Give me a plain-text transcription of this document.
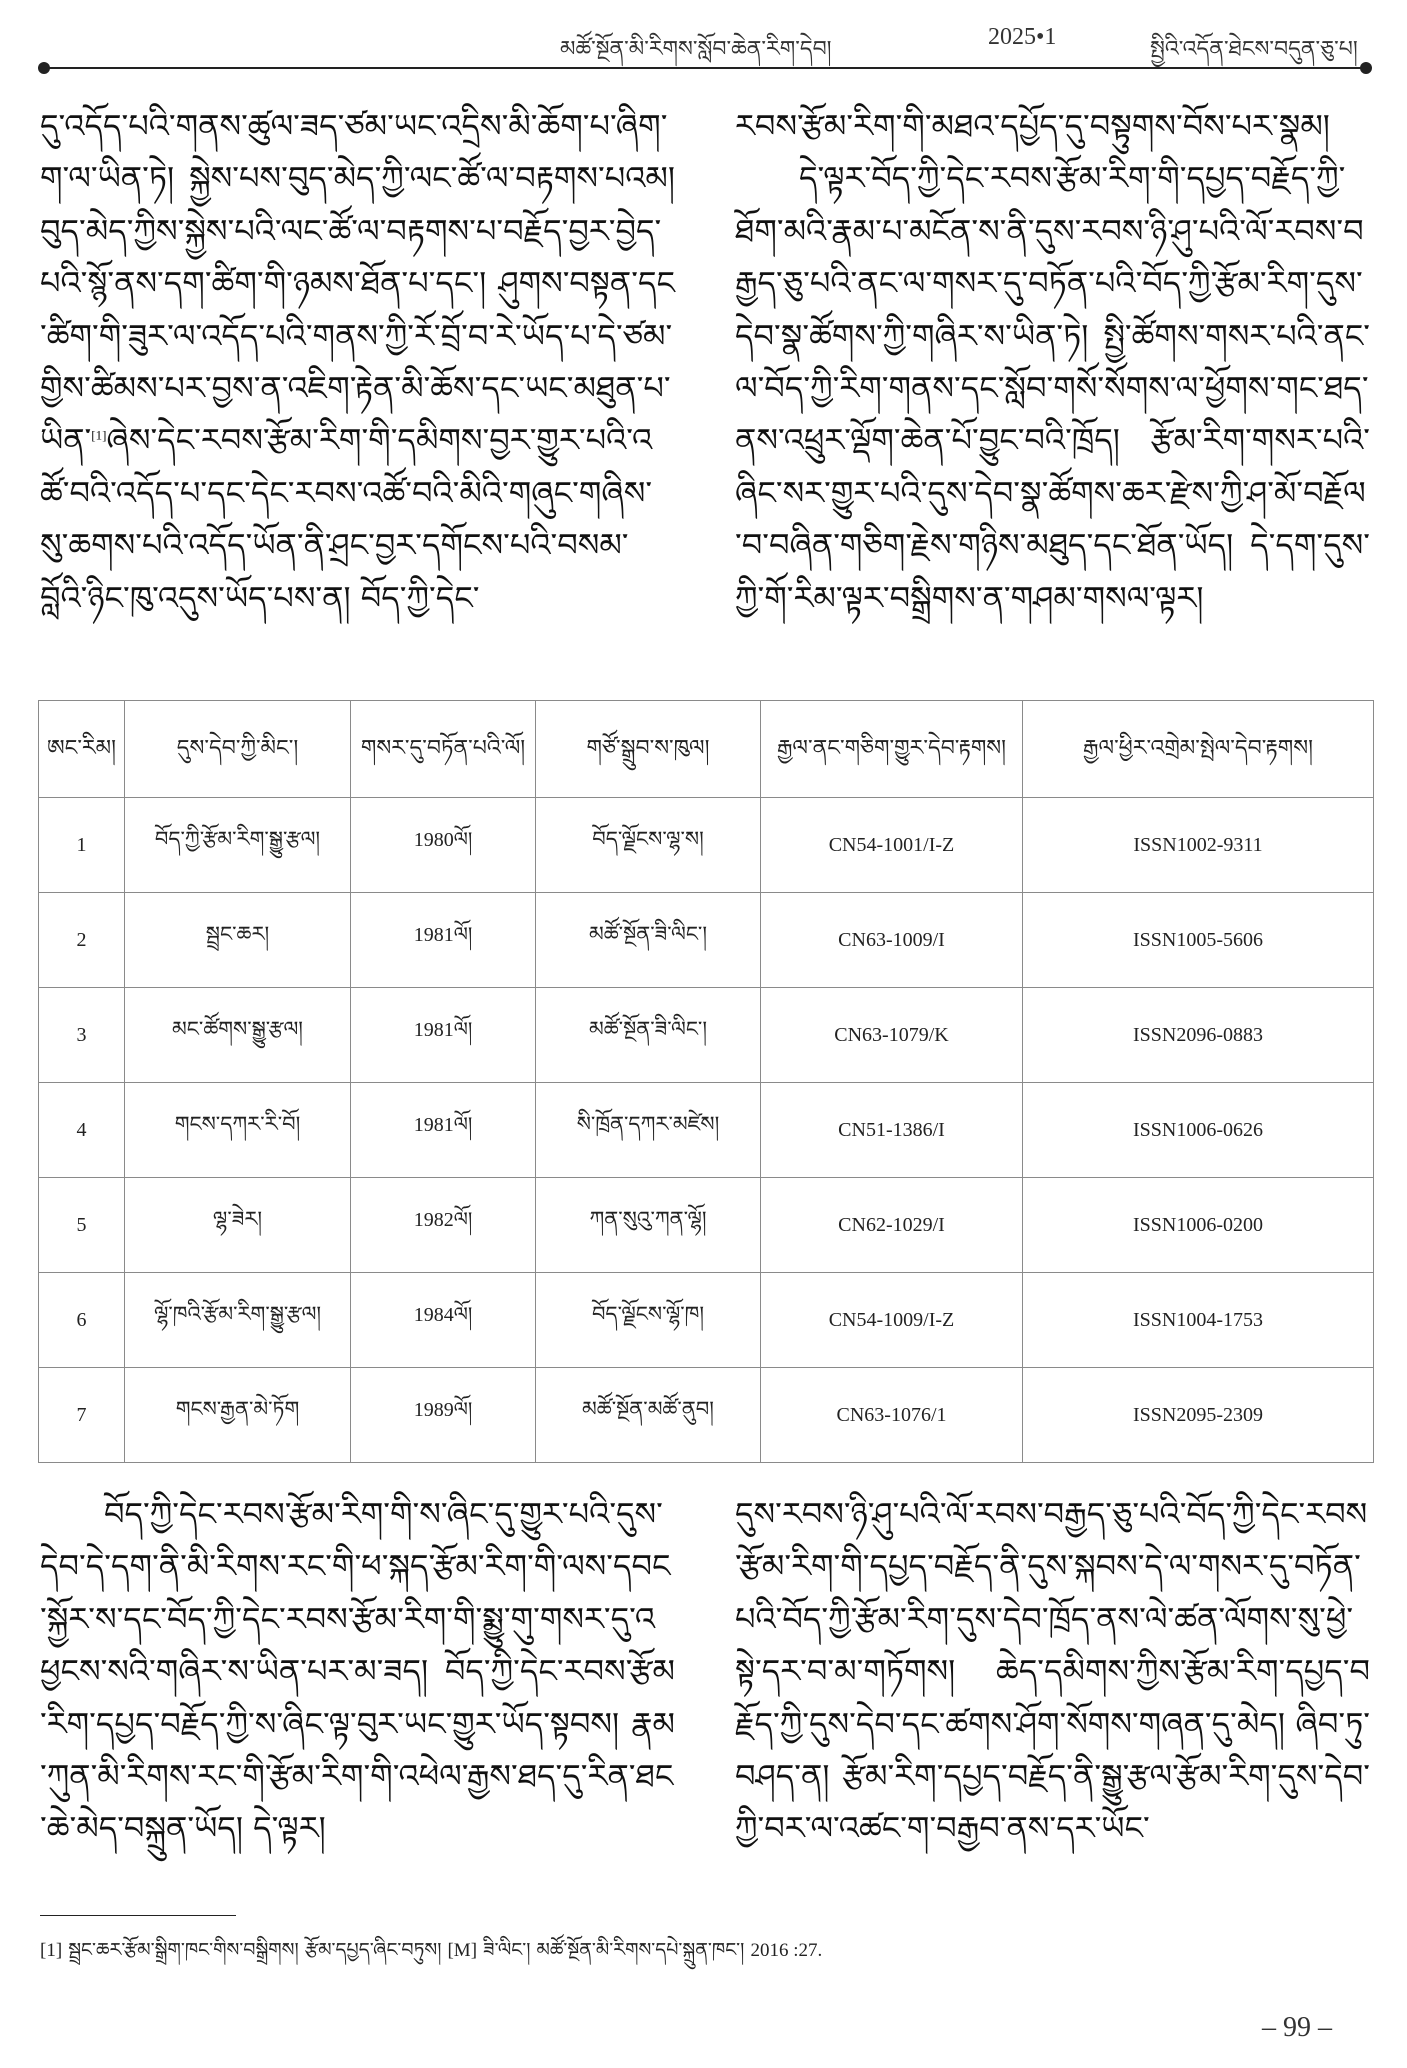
མཚོ་སྔོན་མི་རིགས་སློབ་ཆེན་རིག་དེབ།	2025•1	སྤྱིའི་འདོན་ཐེངས་བདུན་ཅུ་པ།

དུ་འདོད་པའི་གནས་ཚུལ་ཟད་ཙམ་ཡང་འདྲིས་མི་ཆོག་པ་ཞིག་ག་ལ་ཡིན་ཏེ། སྐྱེས་པས་བུད་མེད་ཀྱི་ལང་ཚོ་ལ་བརྟགས་པའམ། བུད་མེད་ཀྱིས་སྐྱེས་པའི་ལང་ཚོ་ལ་བརྟགས་པ་བརྗོད་བྱར་བྱེད་པའི་སྙོ་ནས་དག་ཚིག་གི་ཉམས་ཐོན་པ་དང་། ཤུགས་བསྟན་དང་ཚིག་གི་ཟུར་ལ་འདོད་པའི་གནས་ཀྱི་རོ་བྲོ་བ་རེ་ཡོད་པ་དེ་ཙམ་གྱིས་ཚིམས་པར་བྱས་ན་འཇིག་རྟེན་མི་ཆོས་དང་ཡང་མཐུན་པ་ཡིན་[1]ཞེས་དེང་རབས་རྩོམ་རིག་གི་དམིགས་བྱར་གྱུར་པའི་འཚོ་བའི་འདོད་པ་དང་དེང་རབས་འཚོ་བའི་མིའི་གཞུང་གཞིས་སུ་ཆགས་པའི་འདོད་ཡོན་ནི་ཤྲང་བྱར་དགོངས་པའི་བསམ་བློའི་ཉིང་ཁུ་འདུས་ཡོད་པས་ན། བོད་ཀྱི་དེང་

རབས་རྩོམ་རིག་གི་མཐའ་དཔྱོད་དུ་བསྟུགས་བོས་པར་སྣམ།

དེ་ལྟར་བོད་ཀྱི་དེང་རབས་རྩོམ་རིག་གི་དཔྱད་བརྗོད་ཀྱི་ཐོག་མའི་རྣམ་པ་མངོན་ས་ནི་དུས་རབས་ཉི་ཤུ་པའི་ལོ་རབས་བརྒྱད་ཅུ་པའི་ནང་ལ་གསར་དུ་བཏོན་པའི་བོད་ཀྱི་རྩོམ་རིག་དུས་དེབ་སྣ་ཚོགས་ཀྱི་གཞིར་ས་ཡིན་ཏེ། སྤྱི་ཚོགས་གསར་པའི་ནང་ལ་བོད་ཀྱི་རིག་གནས་དང་སློབ་གསོ་སོགས་ལ་ཕྱོགས་གང་ཐད་ནས་འཕྲུར་ལྡོག་ཆེན་པོ་བྱུང་བའི་ཁྲོད། རྩོམ་རིག་གསར་པའི་ཞིང་སར་གྱུར་པའི་དུས་དེབ་སྣ་ཚོགས་ཆར་རྫེས་ཀྱི་ཤ་མོ་བརྗོལ་བ་བཞིན་གཅིག་རྗེས་གཉིས་མཐུད་དང་ཐོན་ཡོད། དེ་དག་དུས་ཀྱི་གོ་རིམ་ལྟར་བསྒྲིགས་ན་གཤམ་གསལ་ལྟར།

ཨང་རིམ།	དུས་དེབ་ཀྱི་མིང་།	གསར་དུ་བཏོན་པའི་ལོ།	གཙོ་སྒྲུབ་ས་ཁུལ།	རྒྱལ་ནང་གཅིག་གྱུར་དེབ་རྟགས།	རྒྱལ་ཕྱིར་འགྲེམ་སྤེལ་དེབ་རྟགས།
1	བོད་ཀྱི་རྩོམ་རིག་སྒྱུ་རྩལ།	1980ལོ།	བོད་ལྗོངས་ལྷ་ས།	CN54-1001/I-Z	ISSN1002-9311
2	སྦྲང་ཆར།	1981ལོ།	མཚོ་སྔོན་ཟི་ལིང་།	CN63-1009/I	ISSN1005-5606
3	མང་ཚོགས་སྒྱུ་རྩལ།	1981ལོ།	མཚོ་སྔོན་ཟི་ལིང་།	CN63-1079/K	ISSN2096-0883
4	གངས་དཀར་རི་བོ།	1981ལོ།	སི་ཁྲོན་དཀར་མཛེས།	CN51-1386/I	ISSN1006-0626
5	ལྷ་ཟེར།	1982ལོ།	ཀན་སུའུ་ཀན་ལྷོ།	CN62-1029/I	ISSN1006-0200
6	ལྷོ་ཁའི་རྩོམ་རིག་སྒྱུ་རྩལ།	1984ལོ།	བོད་ལྗོངས་ལྷོ་ཁ།	CN54-1009/I-Z	ISSN1004-1753
7	གངས་རྒྱན་མེ་ཏོག	1989ལོ།	མཚོ་སྔོན་མཚོ་ནུབ།	CN63-1076/1	ISSN2095-2309

བོད་ཀྱི་དེང་རབས་རྩོམ་རིག་གི་ས་ཞིང་དུ་གྱུར་པའི་དུས་དེབ་དེ་དག་ནི་མི་རིགས་རང་གི་ཕ་སྐད་རྩོམ་རིག་གི་ལས་དབང་སྐྱོར་ས་དང་བོད་ཀྱི་དེང་རབས་རྩོམ་རིག་གི་སྨྱུ་གུ་གསར་དུ་འཕྱངས་སའི་གཞིར་ས་ཡིན་པར་མ་ཟད། བོད་ཀྱི་དེང་རབས་རྩོམ་རིག་དཔྱད་བརྗོད་ཀྱི་ས་ཞིང་ལྟ་བུར་ཡང་གྱུར་ཡོད་སྟབས། རྣམ་ཀུན་མི་རིགས་རང་གི་རྩོམ་རིག་གི་འཕེལ་རྒྱས་ཐད་དུ་རིན་ཐང་ཆེ་མེད་བསྐྲུན་ཡོད། དེ་ལྟར།

དུས་རབས་ཉི་ཤུ་པའི་ལོ་རབས་བརྒྱད་ཅུ་པའི་བོད་ཀྱི་དེང་རབས་རྩོམ་རིག་གི་དཔྱད་བརྗོད་ནི་དུས་སྐབས་དེ་ལ་གསར་དུ་བཏོན་པའི་བོད་ཀྱི་རྩོམ་རིག་དུས་དེབ་ཁྲོད་ནས་ལེ་ཚན་ལོགས་སུ་ཕྱེ་སྟེ་དར་བ་མ་གཏོགས། ཆེད་དམིགས་ཀྱིས་རྩོམ་རིག་དཔྱད་བརྗོད་ཀྱི་དུས་དེབ་དང་ཚགས་ཤོག་སོགས་གཞན་དུ་མེད། ཞིབ་ཏུ་བཤད་ན། རྩོམ་རིག་དཔྱད་བརྗོད་ནི་སྒྱུ་རྩལ་རྩོམ་རིག་དུས་དེབ་ཀྱི་བར་ལ་འཚང་ག་བརྒྱབ་ནས་དར་ཡོང་

[1] སྦྲང་ཆར་རྩོམ་སྒྲིག་ཁང་གིས་བསྒྲིགས། རྩོམ་དཔྱད་ཞིང་བཏུས། [M] ཟི་ལིང་། མཚོ་སྔོན་མི་རིགས་དཔེ་སྐྲུན་ཁང་། 2016 :27.
– 99 –
